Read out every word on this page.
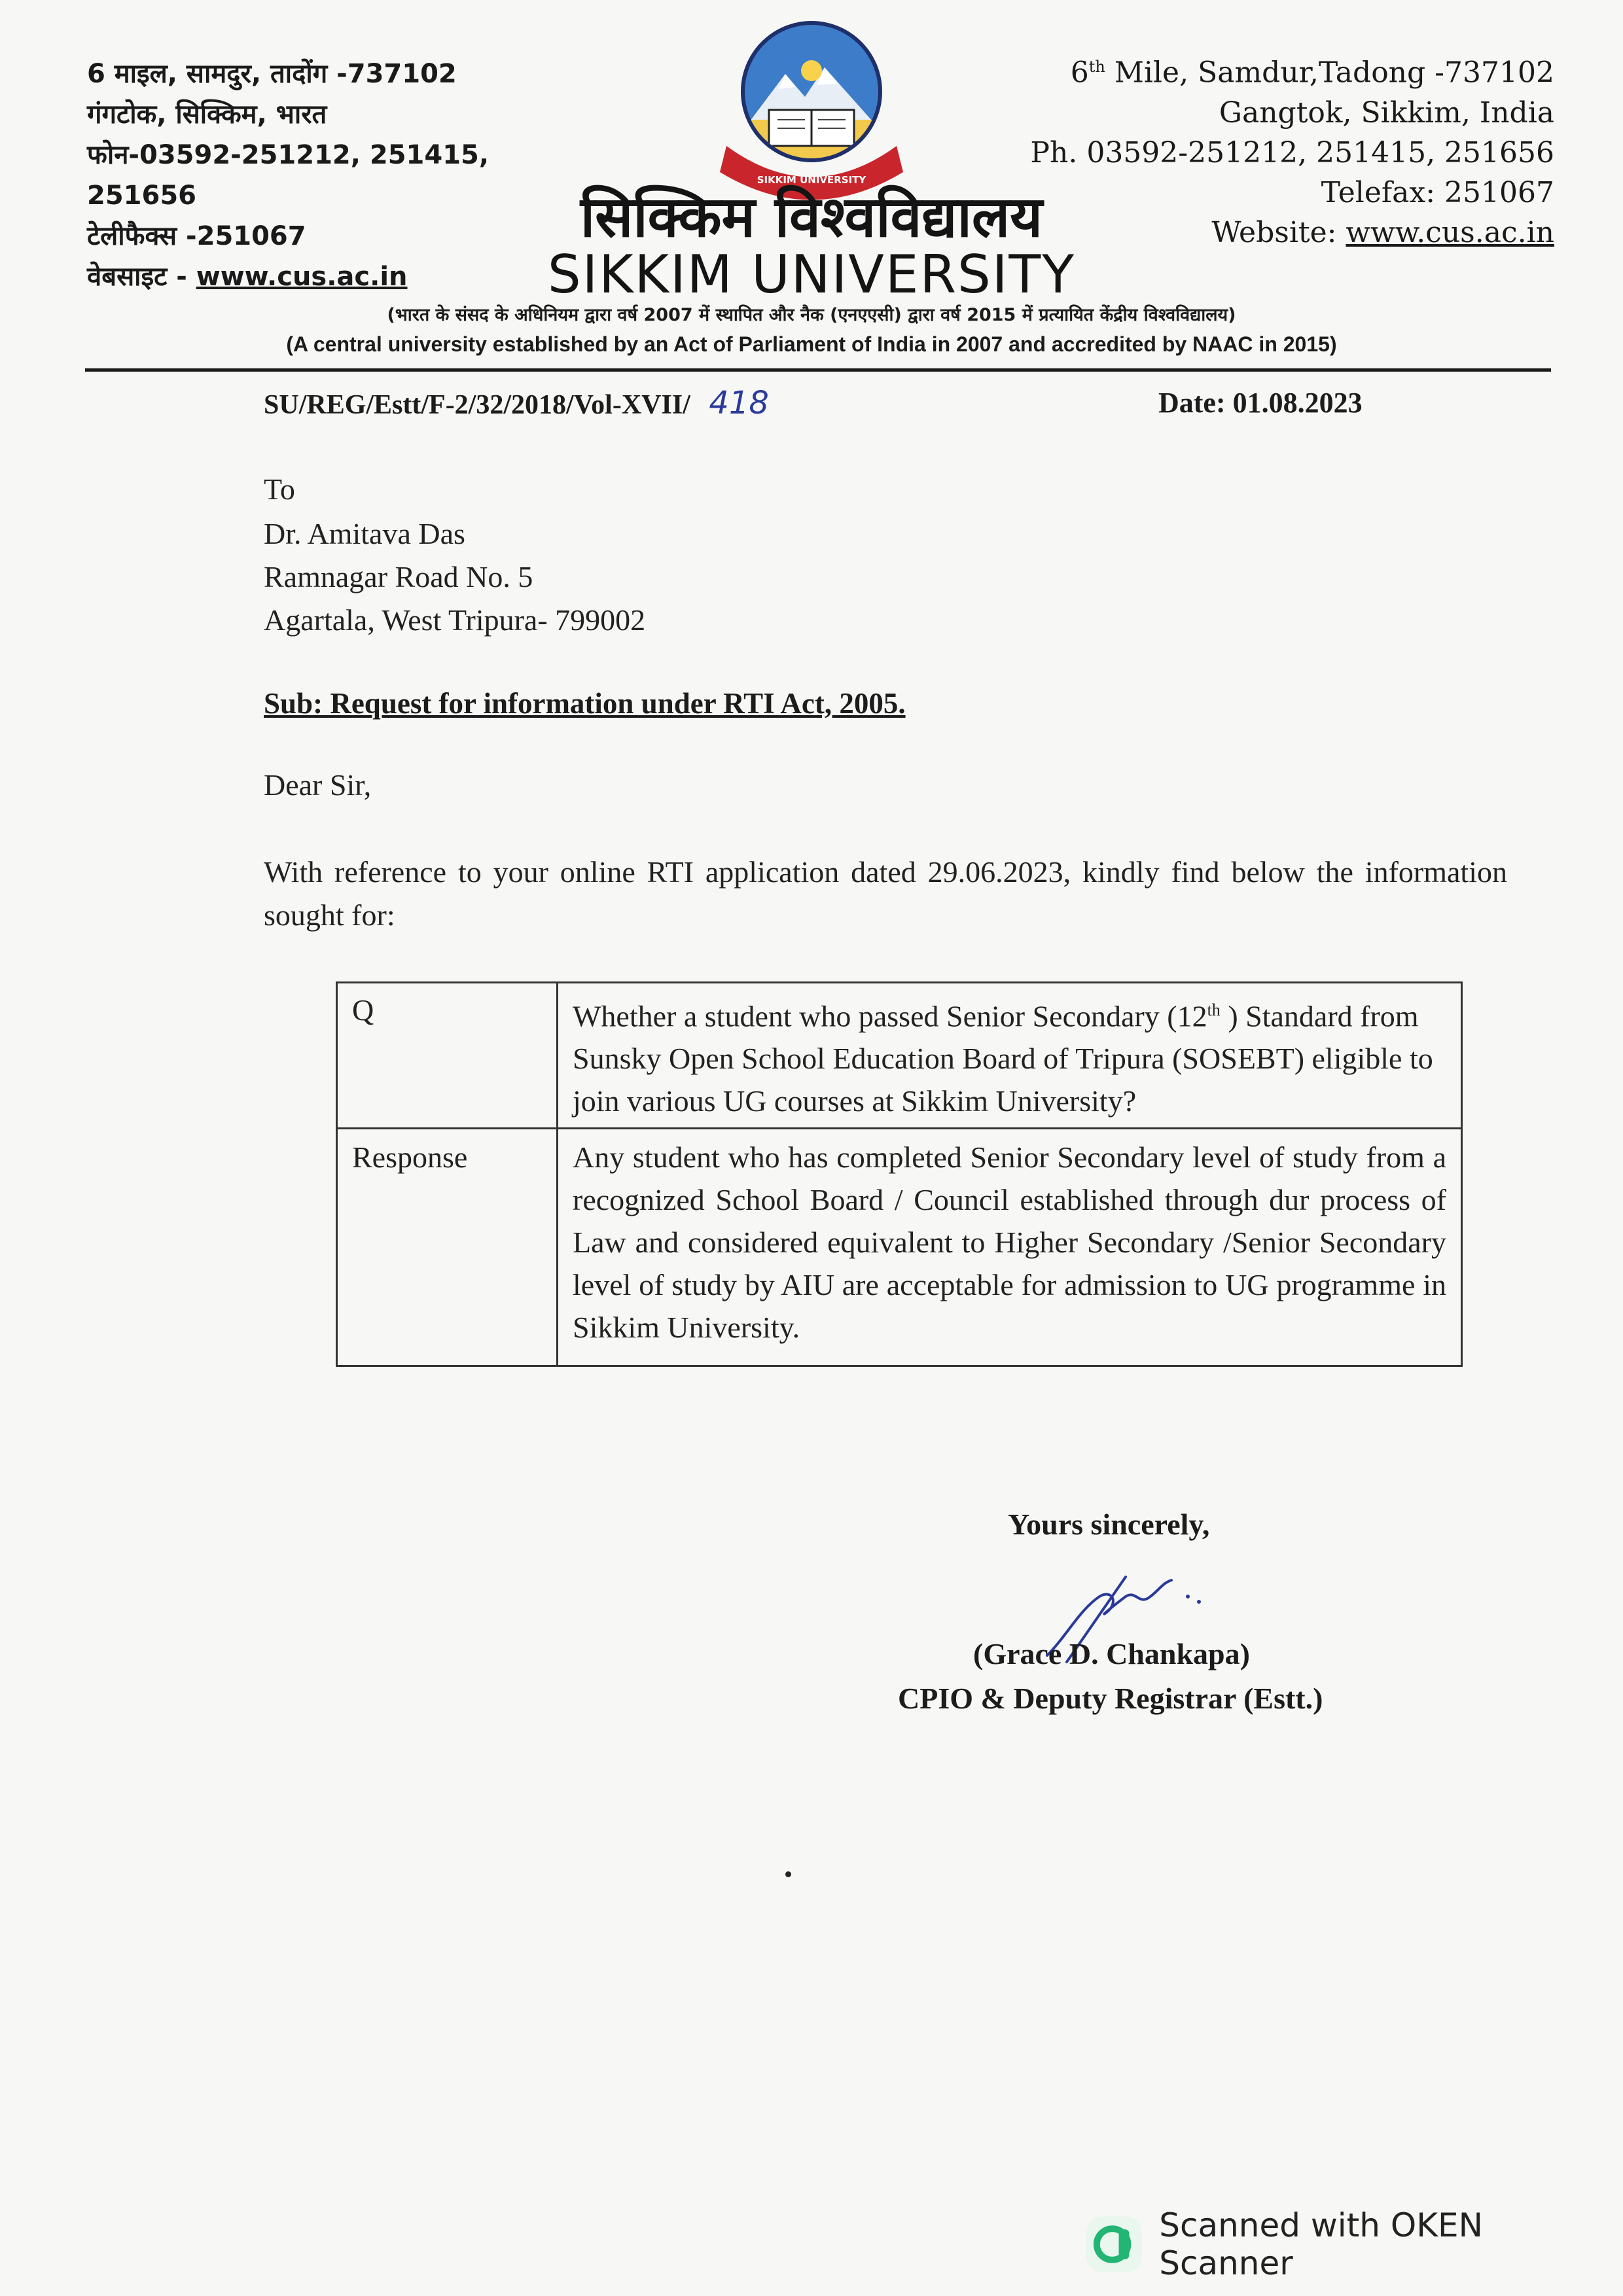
6 माइल, सामदुर, तादोंग -737102
गंगटोक, सिक्किम, भारत
फोन-03592-251212, 251415, 251656
टेलीफैक्स -251067
वेबसाइट - www.cus.ac.in
SIKKIM UNIVERSITY
6th Mile, Samdur,Tadong -737102
Gangtok, Sikkim, India
Ph. 03592-251212, 251415, 251656
Telefax: 251067
Website: www.cus.ac.in
सिक्किम विश्वविद्यालय
SIKKIM UNIVERSITY
(भारत के संसद के अधिनियम द्वारा वर्ष 2007 में स्थापित और नैक (एनएएसी) द्वारा वर्ष 2015 में प्रत्यायित केंद्रीय विश्वविद्यालय)
(A central university established by an Act of Parliament of India in 2007 and accredited by NAAC in 2015)
SU/REG/Estt/F-2/32/2018/Vol-XVII/ 418	Date: 01.08.2023
To
Dr. Amitava Das
Ramnagar Road No. 5
Agartala, West Tripura- 799002
Sub: Request for information under RTI Act, 2005.
Dear Sir,
With reference to your online RTI application dated 29.06.2023, kindly find below the information sought for:
Q	Whether a student who passed Senior Secondary (12th ) Standard from Sunsky Open School Education Board of Tripura (SOSEBT) eligible to join various UG courses at Sikkim University?
Response	Any student who has completed Senior Secondary level of study from a recognized School Board / Council established through dur process of Law and considered equivalent to Higher Secondary /Senior Secondary level of study by AIU are acceptable for admission to UG programme in Sikkim University.
Yours sincerely,
(Grace D. Chankapa)
CPIO & Deputy Registrar (Estt.)
Scanned with OKEN Scanner
